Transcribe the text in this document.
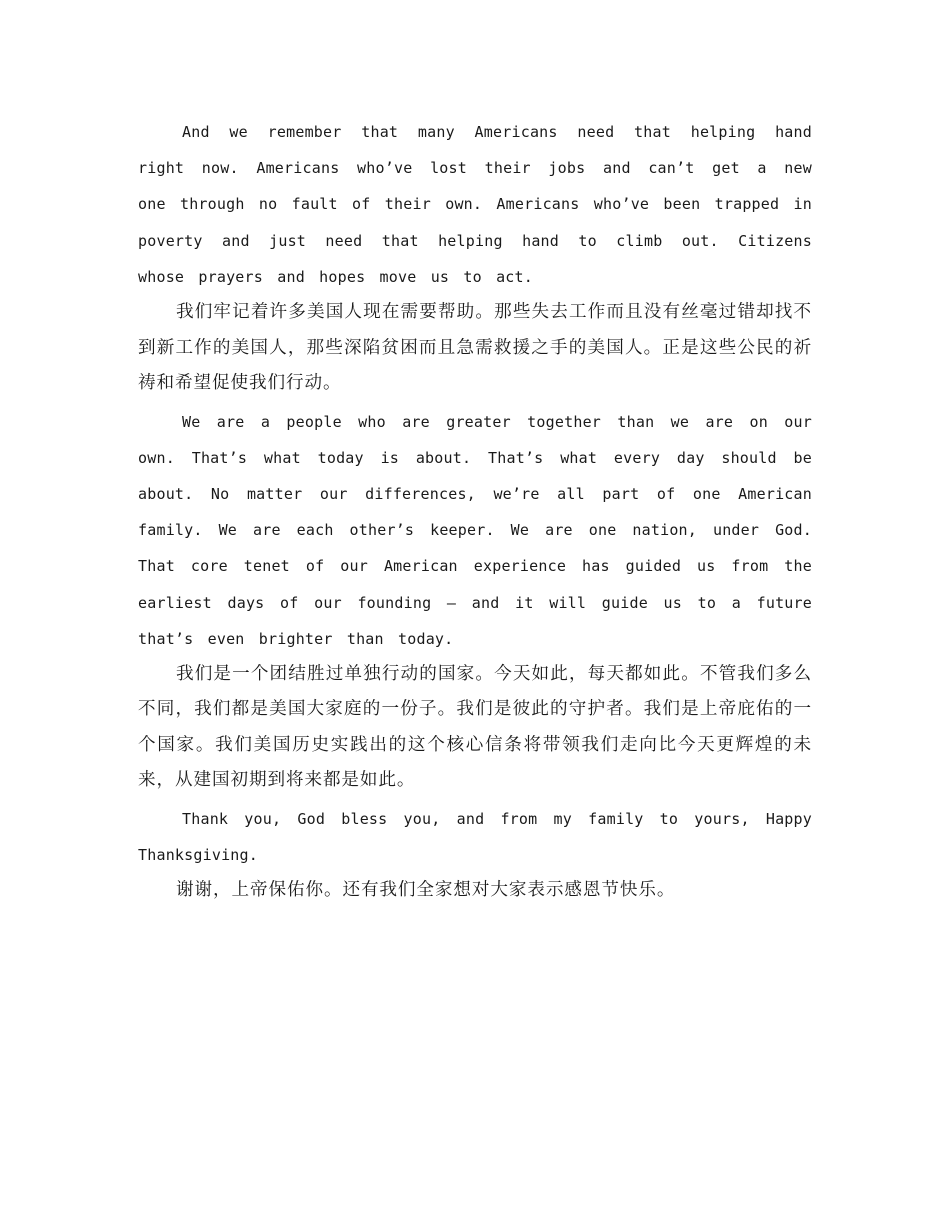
And we remember that many Americans need that helping hand right now. Americans who’ve lost their jobs and can’t get a new one through no fault of their own. Americans who’ve been trapped in poverty and just need that helping hand to climb out. Citizens whose prayers and hopes move us to act.

我们牢记着许多美国人现在需要帮助。那些失去工作而且没有丝毫过错却找不到新工作的美国人，那些深陷贫困而且急需救援之手的美国人。正是这些公民的祈祷和希望促使我们行动。

We are a people who are greater together than we are on our own. That’s what today is about. That’s what every day should be about. No matter our differences, we’re all part of one American family. We are each other’s keeper. We are one nation, under God. That core tenet of our American experience has guided us from the earliest days of our founding – and it will guide us to a future that’s even brighter than today.

我们是一个团结胜过单独行动的国家。今天如此，每天都如此。不管我们多么不同，我们都是美国大家庭的一份子。我们是彼此的守护者。我们是上帝庇佑的一个国家。我们美国历史实践出的这个核心信条将带领我们走向比今天更辉煌的未来，从建国初期到将来都是如此。

Thank you, God bless you, and from my family to yours, Happy Thanksgiving.

谢谢，上帝保佑你。还有我们全家想对大家表示感恩节快乐。
